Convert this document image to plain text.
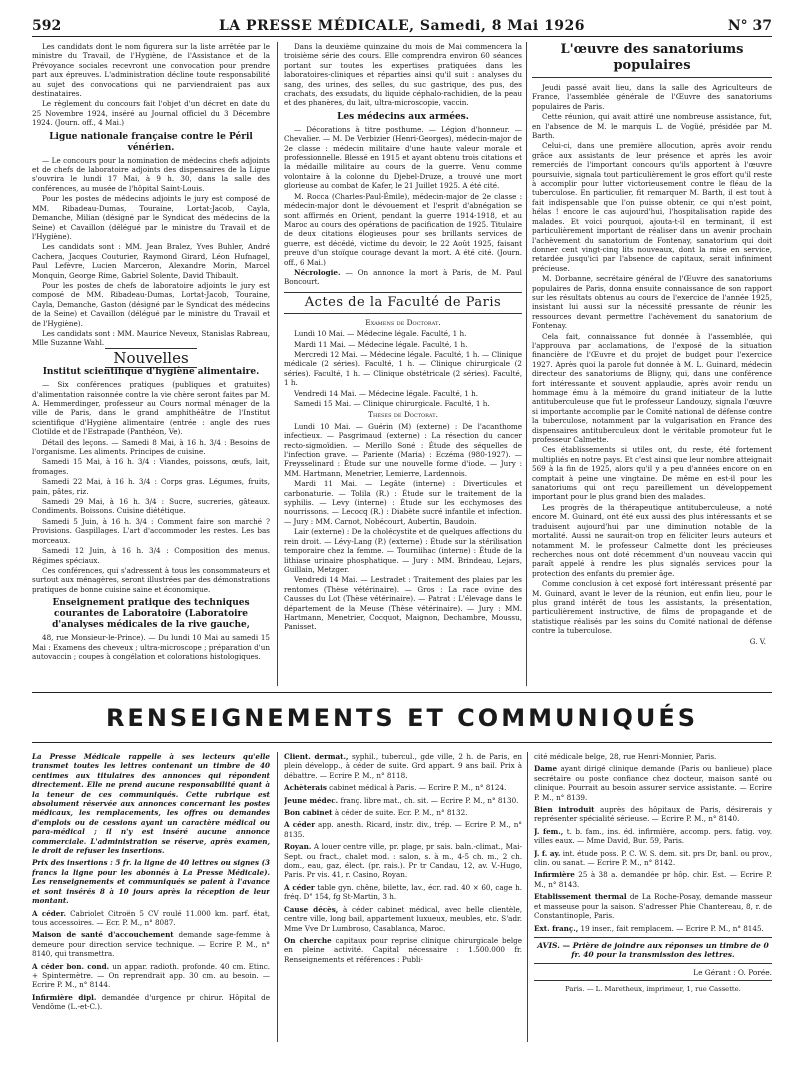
592	LA PRESSE MÉDICALE, Samedi, 8 Mai 1926	N° 37

Les candidats dont le nom figurera sur la liste arrêtée par le ministre du Travail, de l'Hygiène, de l'Assistance et de la Prévoyance sociales recevront une convocation pour prendre part aux épreuves. L'administration décline toute responsabilité au sujet des convocations qui ne parviendraient pas aux destinataires.

Le règlement du concours fait l'objet d'un décret en date du 25 Novembre 1924, inséré au Journal officiel du 3 Décembre 1924. (Journ. off., 4 Mai.)

Ligue nationale française contre le Péril vénérien.

— Le concours pour la nomination de médecins chefs adjoints et de chefs de laboratoire adjoints des dispensaires de la Ligue s'ouvrira le lundi 17 Mai, à 9 h. 30, dans la salle des conférences, au musée de l'hôpital Saint-Louis.

Pour les postes de médecins adjoints le jury est composé de MM. Ribadeau-Dumas, Touraine, Lortat-Jacob, Cayla, Demanche, Milian (désigné par le Syndicat des médecins de la Seine) et Cavaillon (délégué par le ministre du Travail et de l'Hygiène).

Les candidats sont : MM. Jean Bralez, Yves Buhler, André Cachera, Jacques Couturier, Raymond Girard, Léon Hufnagel, Paul Lefèvre, Lucien Marceron, Alexandre Morin, Marcel Monquin, George Rime, Gabriel Solente, David Thibault.

Pour les postes de chefs de laboratoire adjoints le jury est composé de MM. Ribadeau-Dumas, Lortat-Jacob, Touraine, Cayla, Demanche, Gaston (désigné par le Syndicat des médecins de la Seine) et Cavaillon (délégué par le ministre du Travail et de l'Hygiène).

Les candidats sont : MM. Maurice Neveux, Stanislas Rabreau, Mlle Suzanne Wahl.

Nouvelles
Institut scientifique d'hygiène alimentaire.

— Six conférences pratiques (publiques et gratuites) d'alimentation raisonnée contre la vie chère seront faites par M. A. Hemmerdinger, professeur au Cours normal ménager de la ville de Paris, dans le grand amphithéâtre de l'Institut scientifique d'Hygiène alimentaire (entrée : angle des rues Clotilde et de l'Estrapade (Panthéon, Ve).

Détail des leçons. — Samedi 8 Mai, à 16 h. 3/4 : Besoins de l'organisme. Les aliments. Principes de cuisine.

Samedi 15 Mai, à 16 h. 3/4 : Viandes, poissons, œufs, lait, fromages.

Samedi 22 Mai, à 16 h. 3/4 : Corps gras. Légumes, fruits, pain, pâtes, riz.

Samedi 29 Mai, à 16 h. 3/4 : Sucre, sucreries, gâteaux. Condiments. Boissons. Cuisine diététique.

Samedi 5 Juin, à 16 h. 3/4 : Comment faire son marché ? Provisions. Gaspillages. L'art d'accommoder les restes. Les bas morceaux.

Samedi 12 Juin, à 16 h. 3/4 : Composition des menus. Régimes spéciaux.

Ces conférences, qui s'adressent à tous les consommateurs et surtout aux ménagères, seront illustrées par des démonstrations pratiques de bonne cuisine saine et économique.

Enseignement pratique des techniques courantes de Laboratoire (Laboratoire d'analyses médicales de la rive gauche,

48, rue Monsieur-le-Prince). — Du lundi 10 Mai au samedi 15 Mai : Examens des cheveux ; ultra-microscope ; préparation d'un autovaccin ; coupes à congélation et colorations histologiques.

Dans la deuxième quinzaine du mois de Mai commencera la troisième série des cours. Elle comprendra environ 60 séances portant sur toutes les expertises pratiquées dans les laboratoires-cliniques et réparties ainsi qu'il suit : analyses du sang, des urines, des selles, du suc gastrique, des pus, des crachats, des exsudats, du liquide céphalo-rachidien, de la peau et des phanères, du lait, ultra-microscopie, vaccin.

Les médecins aux armées.

— Décorations à titre posthume. — Légion d'honneur. — Chevalier. — M. De Verbizier (Henri-Georges), médecin-major de 2e classe : médecin militaire d'une haute valeur morale et professionnelle. Blessé en 1915 et ayant obtenu trois citations et la médaille militaire au cours de la guerre. Venu comme volontaire à la colonne du Djebel-Druze, a trouvé une mort glorieuse au combat de Kafer, le 21 Juillet 1925. A été cité.

M. Rocca (Charles-Paul-Émile), médecin-major de 2e classe : médecin-major dont le dévouement et l'esprit d'abnégation se sont affirmés en Orient, pendant la guerre 1914-1918, et au Maroc au cours des opérations de pacification de 1925. Titulaire de deux citations élogieuses pour ses brillants services de guerre, est décédé, victime du devoir, le 22 Août 1925, faisant preuve d'un stoïque courage devant la mort. A été cité. (Journ. off., 6 Mai.)

Nécrologie. — On annonce la mort à Paris, de M. Paul Boncourt.

Actes de la Faculté de Paris
Examens de Doctorat.

Lundi 10 Mai. — Médecine légale. Faculté, 1 h.

Mardi 11 Mai. — Médecine légale. Faculté, 1 h.

Mercredi 12 Mai. — Médecine légale. Faculté, 1 h. — Clinique médicale (2 séries). Faculté, 1 h. — Clinique chirurgicale (2 séries). Faculté, 1 h. — Clinique obstétricale (2 séries). Faculté, 1 h.

Vendredi 14 Mai. — Médecine légale. Faculté, 1 h.

Samedi 15 Mai. — Clinique chirurgicale. Faculté, 1 h.

Thèses de Doctorat.

Lundi 10 Mai. — Guérin (M) (externe) : De l'acanthome infectieux. — Pasgrimaud (externe) : La résection du cancer recto-sigmoïdien. — Merillo Soné : Étude des séquelles de l'infection grave. — Pariente (Maria) : Eczéma (980-1927). — Freysselinard : Étude sur une nouvelle forme d'iode. — Jury : MM. Hartmann, Menetrier, Lemierre, Lardennois.

Mardi 11 Mai. — Legâte (interne) : Diverticules et carbonaturie. — Tolila (R.) : Étude sur le traitement de la syphilis. — Levy (interne) : Étude sur les ecchymoses des nourrissons. — Lecocq (R.) : Diabète sucré infantile et infection. — Jury : MM. Carnot, Nobécourt, Aubertin, Baudoin.

Lair (externe) : De la cholécystite et de quelques affections du rein droit. — Lévy-Lang (P.) (externe) : Étude sur la stérilisation temporaire chez la femme. — Tourniihac (interne) : Étude de la lithiase urinaire phosphatique. — Jury : MM. Brindeau, Lejars, Guillain, Metzger.

Vendredi 14 Mai. — Lestradet : Traitement des plaies par les rentomes (Thèse vétérinaire). — Gros : La race ovine des Causses du Lot (Thèse vétérinaire). — Patrat : L'élevage dans le département de la Meuse (Thèse vétérinaire). — Jury : MM. Hartmann, Menetrier, Cocquot, Maignon, Dechambre, Moussu, Panisset.

L'œuvre des sanatoriums populaires

Jeudi passé avait lieu, dans la salle des Agriculteurs de France, l'assemblée générale de l'Œuvre des sanatoriums populaires de Paris.

Cette réunion, qui avait attiré une nombreuse assistance, fut, en l'absence de M. le marquis L. de Vogüé, présidée par M. Barth.

Celui-ci, dans une première allocution, après avoir rendu grâce aux assistants de leur présence et après les avoir remerciés de l'important concours qu'ils apportent à l'œuvre poursuivie, signala tout particulièrement le gros effort qu'il reste à accomplir pour lutter victorieusement contre le fléau de la tuberculose. En particulier, fit remarquer M. Barth, il est tout à fait indispensable que l'on puisse obtenir, ce qui n'est point, hélas ! encore le cas aujourd'hui, l'hospitalisation rapide des malades. Et voici pourquoi, ajouta-t-il en terminant, il est particulièrement important de réaliser dans un avenir prochain l'achèvement du sanatorium de Fontenay, sanatorium qui doit donner cent vingt-cinq lits nouveaux, dont la mise en service, retardée jusqu'ici par l'absence de capitaux, serait infiniment précieuse.

M. Dorbanne, secrétaire général de l'Œuvre des sanatoriums populaires de Paris, donna ensuite connaissance de son rapport sur les résultats obtenus au cours de l'exercice de l'année 1925, insistant lui aussi sur la nécessité pressante de réunir les ressources devant permettre l'achèvement du sanatorium de Fontenay.

Cela fait, connaissance fut donnée à l'assemblée, qui l'approuva par acclamations, de l'exposé de la situation financière de l'Œuvre et du projet de budget pour l'exercice 1927. Après quoi la parole fut donnée à M. L. Guinard, médecin directeur des sanatoriums de Bligny, qui, dans une conférence fort intéressante et souvent applaudie, après avoir rendu un hommage ému à la mémoire du grand initiateur de la lutte antituberculeuse que fut le professeur Landouzy, signala l'œuvre si importante accomplie par le Comité national de défense contre la tuberculose, notamment par la vulgarisation en France des dispensaires antituberculeux dont le véritable promoteur fut le professeur Calmette.

Ces établissements si utiles ont, du reste, été fortement multipliés en notre pays. Et c'est ainsi que leur nombre atteignait 569 à la fin de 1925, alors qu'il y a peu d'années encore on en comptait à peine une vingtaine. De même en est-il pour les sanatoriums qui ont reçu pareillement un développement important pour le plus grand bien des malades.

Les progrès de la thérapeutique antituberculeuse, a noté encore M. Guinard, ont été eux aussi des plus intéressants et se traduisent aujourd'hui par une diminution notable de la mortalité. Aussi ne saurait-on trop en féliciter leurs auteurs et notamment M. le professeur Calmette dont les précieuses recherches nous ont doté récemment d'un nouveau vaccin qui paraît appelé à rendre les plus signalés services pour la protection des enfants du premier âge.

Comme conclusion à cet exposé fort intéressant présenté par M. Guinard, avant le lever de la réunion, eut enfin lieu, pour le plus grand intérêt de tous les assistants, la présentation, particulièrement instructive, de films de propagande et de statistique réalisés par les soins du Comité national de défense contre la tuberculose.

G. V.
RENSEIGNEMENTS ET COMMUNIQUÉS

La Presse Médicale rappelle à ses lecteurs qu'elle transmet toutes les lettres contenant un timbre de 40 centimes aux titulaires des annonces qui répondent directement. Elle ne prend aucune responsabilité quant à la teneur de ces communiqués. Cette rubrique est absolument réservée aux annonces concernant les postes médicaux, les remplacements, les offres ou demandes d'emplois ou de cessions ayant un caractère médical ou para-médical ; il n'y est inséré aucune annonce commerciale. L'administration se réserve, après examen, le droit de refuser les insertions.

Prix des insertions : 5 fr. la ligne de 40 lettres ou signes (3 francs la ligne pour les abonnés à La Presse Médicale). Les renseignements et communiqués se paient à l'avance et sont insérés 8 à 10 jours après la réception de leur montant.

A céder. Cabriolet Citroën 5 CV roulé 11.000 km. parf. état, tous accessoires. — Ecr. P. M., n° 8087.

Maison de santé d'accouchement demande sage-femme à demeure pour direction service technique. — Ecrire P. M., n° 8140, qui transmettra.

A céder bon. cond. un appar. radioth. profonde. 40 cm. Etinc. + Spintermètre. — On reprendrait app. 30 cm. au besoin. — Ecrire P. M., n° 8144.

Infirmière dipl. demandée d'urgence pr chirur. Hôpital de Vendôme (L.-et-C.).

Client. dermat., syphil., tubercul., gde ville, 2 h. de Paris, en plein développ., à céder de suite. Grd appart. 9 ans bail. Prix à débattre. — Ecrire P. M., n° 8118.

Achèterais cabinet médical à Paris. — Ecrire P. M., n° 8124.

Jeune médec. franç. libre mat., ch. sit. — Ecrire P. M., n° 8130.

Bon cabinet à céder de suite. Ecr. P. M., n° 8132.

A céder app. anesth. Ricard, instr. div., trép. — Ecrire P. M., n° 8135.

Royan. A louer centre ville, pr. plage, pr sais. baln.-climat., Mai-Sept. ou fract., chalet mod. : salon, s. à m., 4-5 ch. m., 2 ch. dom., eau, gaz, élect. (pr. rais.). Pr tr Candau, 12, av. V.-Hugo, Paris. Pr vis. 41, r. Casino, Royan.

A céder table gyn. chêne, bilette, lav., écr. rad. 40 × 60, cage h. fréq. D" 154, fg St-Martin, 3 h.

Cause décès, à céder cabinet médical, avec belle clientèle, centre ville, long bail, appartement luxueux, meubles, etc. S'adr. Mme Vve Dr Lumbroso, Casablanca, Maroc.

On cherche capitaux pour reprise clinique chirurgicale belge en pleine activité. Capital nécessaire : 1.500.000 fr. Renseignements et références : Publi-

cité médicale belge, 28, rue Henri-Monnier, Paris.

Dame ayant dirigé clinique demande (Paris ou banlieue) place secrétaire ou poste confiance chez docteur, maison santé ou clinique. Pourrait au besoin assurer service assistante. — Ecrire P. M., n° 8139.

Bien introduit auprès des hôpitaux de Paris, désirerais y représenter spécialité sérieuse. — Ecrire P. M., n° 8140.

J. fem., t. b. fam., ins. éd. infirmière, accomp. pers. fatig. voy. villes eaux. — Mme David, Bur. 59, Paris.

J. f. ay. int. étude poss. P. C. W. S. dem. sit. prs Dr, banl. ou prov., clin. ou sanat. — Ecrire P. M., n° 8142.

Infirmière 25 à 38 a. demandée pr hôp. chir. Est. — Ecrire P. M., n° 8143.

Etablissement thermal de La Roche-Posay, demande masseur et masseuse pour la saison. S'adresser Phie Chantereau, 8, r. de Constantinople, Paris.

Ext. franç., 19 inser., fait remplacem. — Ecrire P. M., n° 8145.

AVIS. — Prière de joindre aux réponses un timbre de 0 fr. 40 pour la transmission des lettres.
Le Gérant : O. Porée.
Paris. — L. Maretheux, imprimeur, 1, rue Cassette.
